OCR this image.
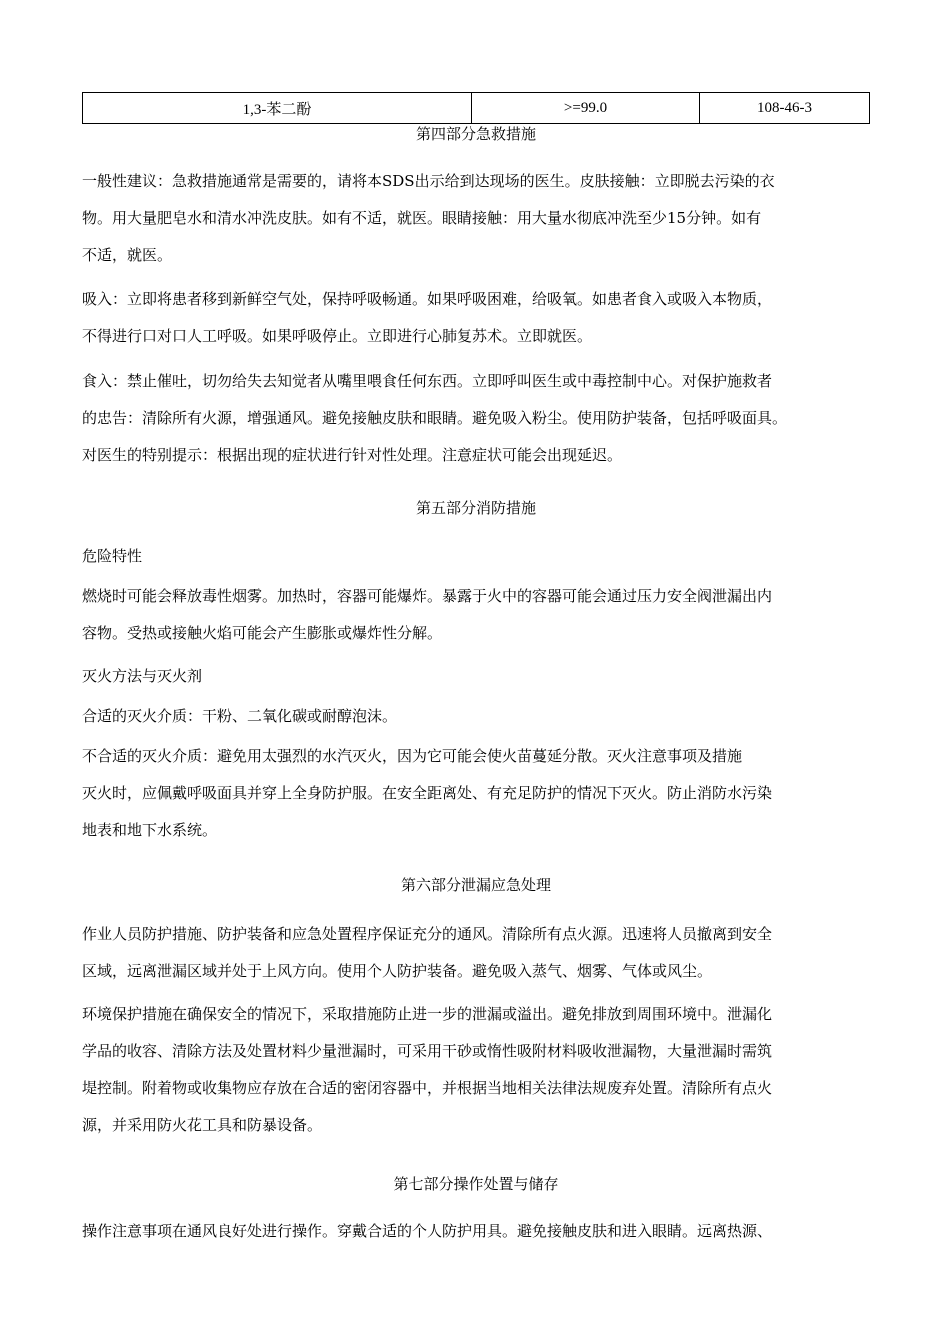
1,3-苯二酚	>=99.0	108-46-3
第四部分急救措施
一般性建议：急救措施通常是需要的，请将本SDS出示给到达现场的医生。皮肤接触：立即脱去污染的衣
物。用大量肥皂水和清水冲洗皮肤。如有不适，就医。眼睛接触：用大量水彻底冲洗至少15分钟。如有
不适，就医。
吸入：立即将患者移到新鲜空气处，保持呼吸畅通。如果呼吸困难，给吸氧。如患者食入或吸入本物质，
不得进行口对口人工呼吸。如果呼吸停止。立即进行心肺复苏术。立即就医。
食入：禁止催吐，切勿给失去知觉者从嘴里喂食任何东西。立即呼叫医生或中毒控制中心。对保护施救者
的忠告：清除所有火源，增强通风。避免接触皮肤和眼睛。避免吸入粉尘。使用防护装备，包括呼吸面具。
对医生的特别提示：根据出现的症状进行针对性处理。注意症状可能会出现延迟。
第五部分消防措施
危险特性
燃烧时可能会释放毒性烟雾。加热时，容器可能爆炸。暴露于火中的容器可能会通过压力安全阀泄漏出内
容物。受热或接触火焰可能会产生膨胀或爆炸性分解。
灭火方法与灭火剂
合适的灭火介质：干粉、二氧化碳或耐醇泡沫。
不合适的灭火介质：避免用太强烈的水汽灭火，因为它可能会使火苗蔓延分散。灭火注意事项及措施
灭火时，应佩戴呼吸面具并穿上全身防护服。在安全距离处、有充足防护的情况下灭火。防止消防水污染
地表和地下水系统。
第六部分泄漏应急处理
作业人员防护措施、防护装备和应急处置程序保证充分的通风。清除所有点火源。迅速将人员撤离到安全
区域，远离泄漏区域并处于上风方向。使用个人防护装备。避免吸入蒸气、烟雾、气体或风尘。
环境保护措施在确保安全的情况下，采取措施防止进一步的泄漏或溢出。避免排放到周围环境中。泄漏化
学品的收容、清除方法及处置材料少量泄漏时，可采用干砂或惰性吸附材料吸收泄漏物，大量泄漏时需筑
堤控制。附着物或收集物应存放在合适的密闭容器中，并根据当地相关法律法规废弃处置。清除所有点火
源，并采用防火花工具和防暴设备。
第七部分操作处置与储存
操作注意事项在通风良好处进行操作。穿戴合适的个人防护用具。避免接触皮肤和进入眼睛。远离热源、
